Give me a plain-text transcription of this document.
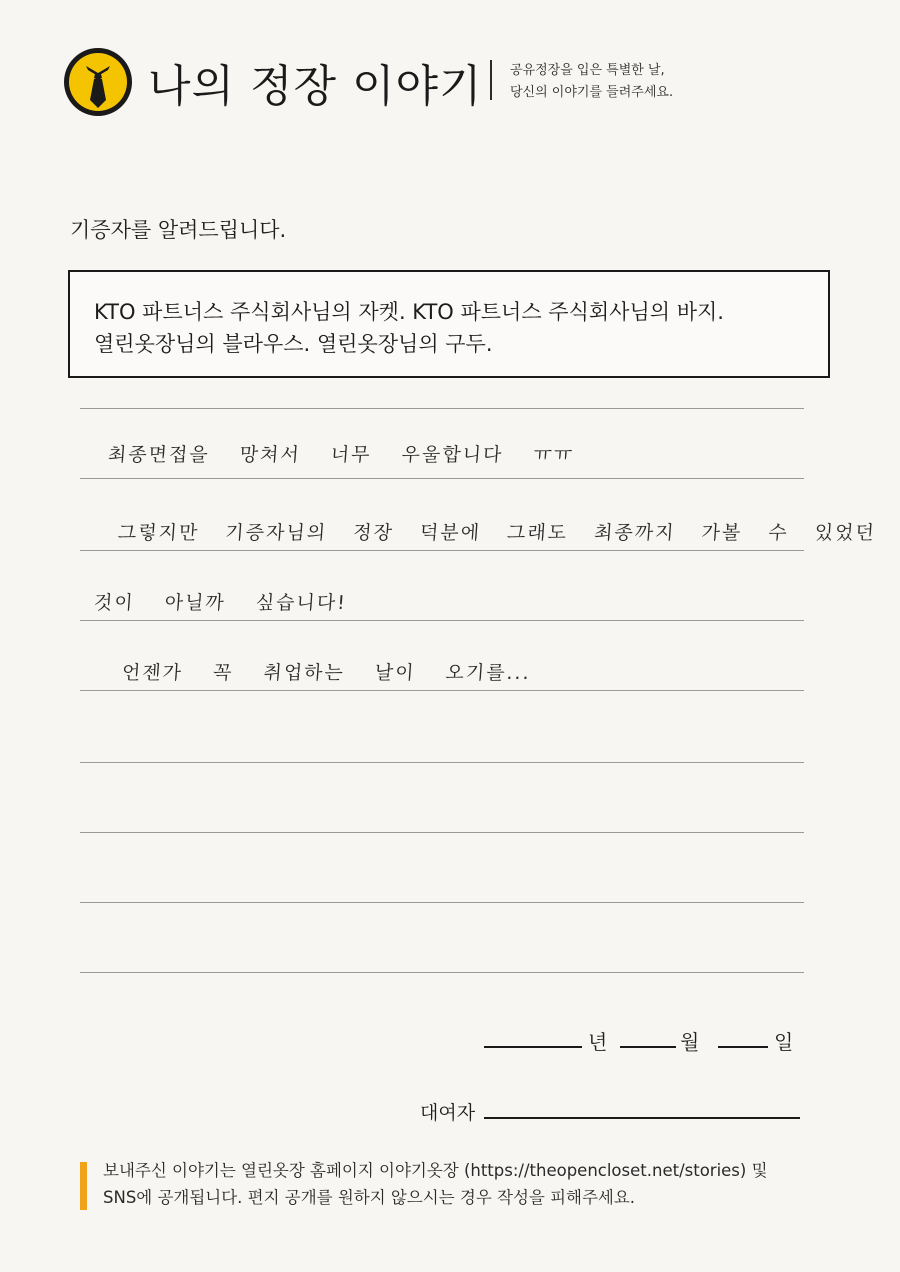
나의 정장 이야기 공유정장을 입은 특별한 날,
당신의 이야기를 들려주세요.
기증자를 알려드립니다.
KTO 파트너스 주식회사님의 자켓. KTO 파트너스 주식회사님의 바지.
열린옷장님의 블라우스. 열린옷장님의 구두.
최종면접을 망쳐서 너무 우울합니다 ㅠㅠ
그렇지만 기증자님의 정장 덕분에 그래도 최종까지 가볼 수 있었던
것이 아닐까 싶습니다!
언젠가 꼭 취업하는 날이 오기를...
년	월	일
대여자
보내주신 이야기는 열린옷장 홈페이지 이야기옷장 (https://theopencloset.net/stories) 및
SNS에 공개됩니다. 편지 공개를 원하지 않으시는 경우 작성을 피해주세요.
